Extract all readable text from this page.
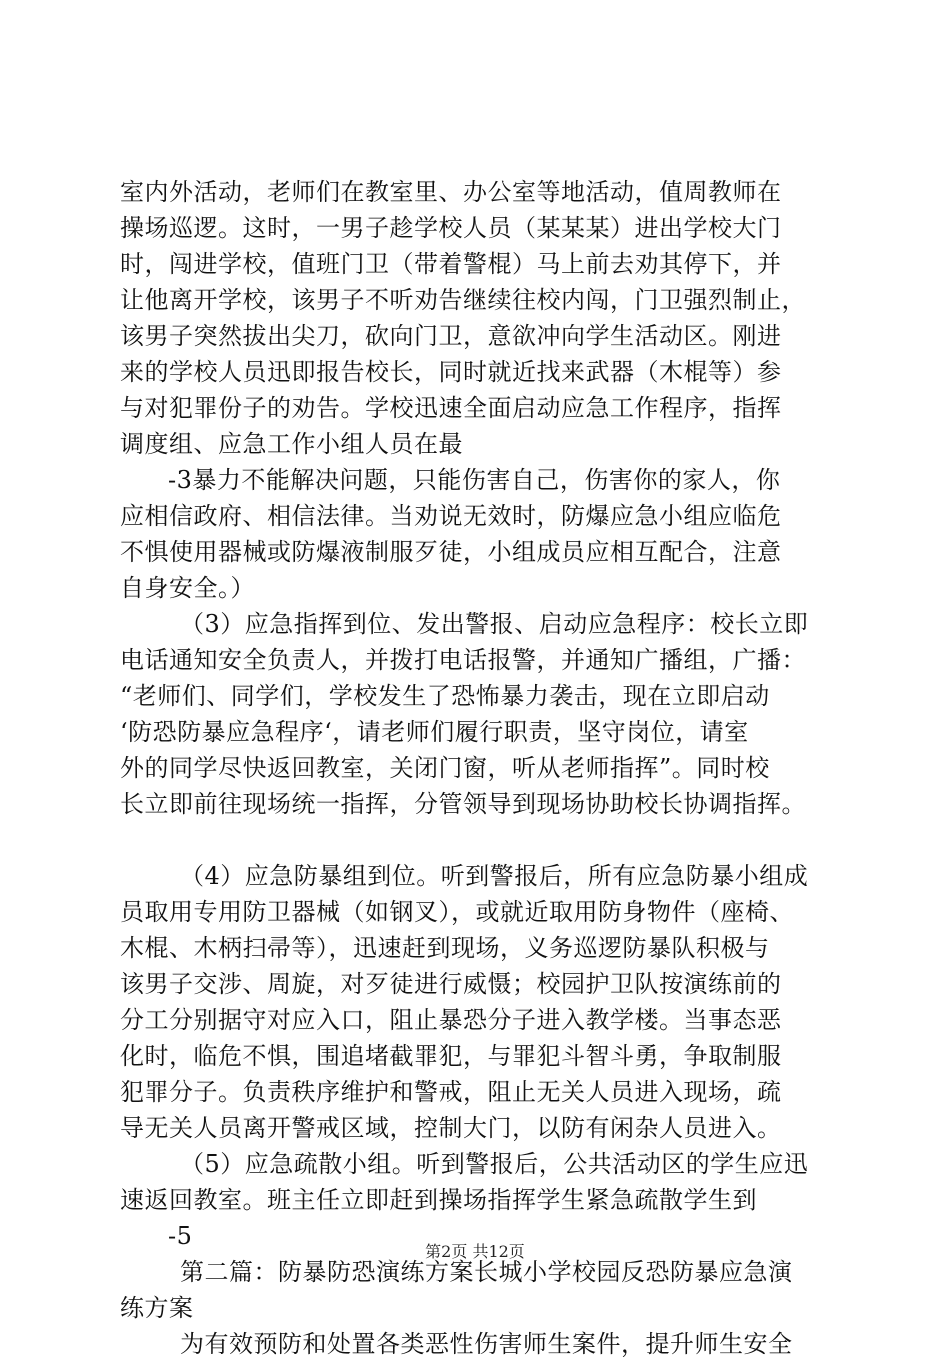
室内外活动，老师们在教室里、办公室等地活动，值周教师在
操场巡逻。这时，一男子趁学校人员（某某某）进出学校大门
时，闯进学校，值班门卫（带着警棍）马上前去劝其停下，并
让他离开学校，该男子不听劝告继续往校内闯，门卫强烈制止，
该男子突然拔出尖刀，砍向门卫，意欲冲向学生活动区。刚进
来的学校人员迅即报告校长，同时就近找来武器（木棍等）参
与对犯罪份子的劝告。学校迅速全面启动应急工作程序，指挥
调度组、应急工作小组人员在最
-3暴力不能解决问题，只能伤害自己，伤害你的家人，你
应相信政府、相信法律。当劝说无效时，防爆应急小组应临危
不惧使用器械或防爆液制服歹徒，小组成员应相互配合，注意
自身安全。）
（3）应急指挥到位、发出警报、启动应急程序：校长立即
电话通知安全负责人，并拨打电话报警，并通知广播组，广播：
“老师们、同学们，学校发生了恐怖暴力袭击，现在立即启动
‘防恐防暴应急程序‘，请老师们履行职责，坚守岗位，请室
外的同学尽快返回教室，关闭门窗，听从老师指挥”。同时校
长立即前往现场统一指挥，分管领导到现场协助校长协调指挥。
（4）应急防暴组到位。听到警报后，所有应急防暴小组成
员取用专用防卫器械（如钢叉），或就近取用防身物件（座椅、
木棍、木柄扫帚等），迅速赶到现场，义务巡逻防暴队积极与
该男子交涉、周旋，对歹徒进行威慑；校园护卫队按演练前的
分工分别据守对应入口，阻止暴恐分子进入教学楼。当事态恶
化时，临危不惧，围追堵截罪犯，与罪犯斗智斗勇，争取制服
犯罪分子。负责秩序维护和警戒，阻止无关人员进入现场，疏
导无关人员离开警戒区域，控制大门，以防有闲杂人员进入。
（5）应急疏散小组。听到警报后，公共活动区的学生应迅
速返回教室。班主任立即赶到操场指挥学生紧急疏散学生到
-5
第二篇：防暴防恐演练方案长城小学校园反恐防暴应急演
练方案
为有效预防和处置各类恶性伤害师生案件，提升师生安全
第2页 共12页
